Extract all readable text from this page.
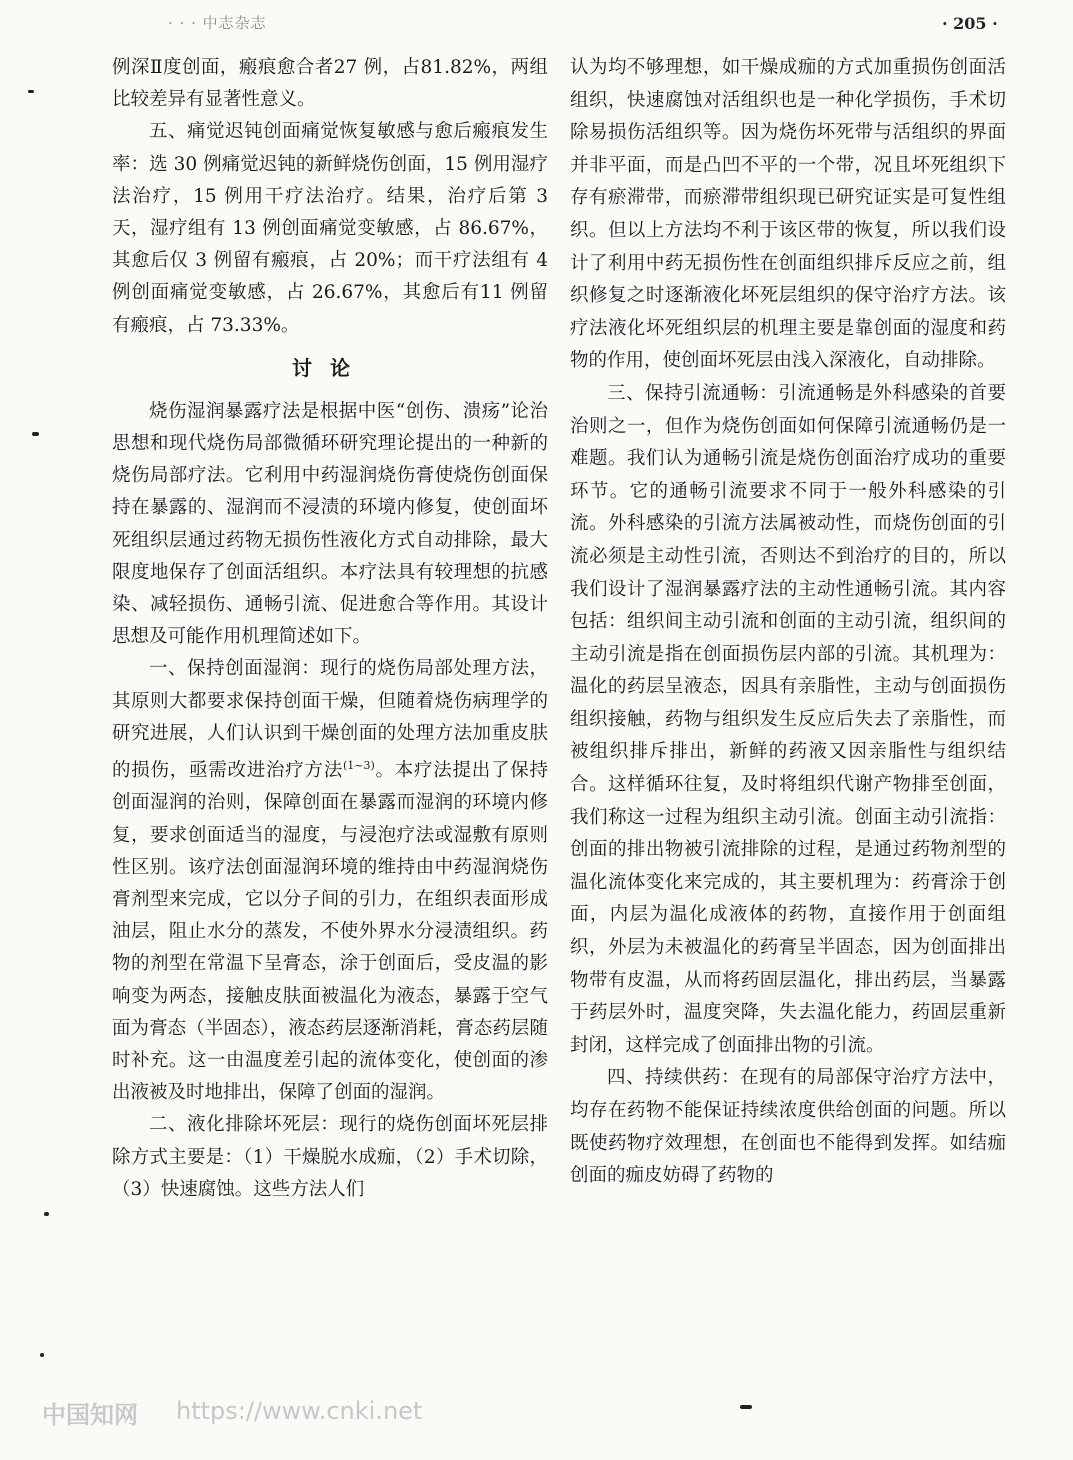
· · · 中志杂志	· 205 ·

例深Ⅱ度创面，瘢痕愈合者27 例，占81.82%，两组比较差异有显著性意义。

五、痛觉迟钝创面痛觉恢复敏感与愈后瘢痕发生率：选 30 例痛觉迟钝的新鲜烧伤创面，15 例用湿疗法治疗，15 例用干疗法治疗。结果，治疗后第 3 天，湿疗组有 13 例创面痛觉变敏感，占 86.67%，其愈后仅 3 例留有瘢痕，占 20%；而干疗法组有 4 例创面痛觉变敏感，占 26.67%，其愈后有11 例留有瘢痕，占 73.33%。

讨论

烧伤湿润暴露疗法是根据中医“创伤、溃疡”论治思想和现代烧伤局部微循环研究理论提出的一种新的烧伤局部疗法。它利用中药湿润烧伤膏使烧伤创面保持在暴露的、湿润而不浸渍的环境内修复，使创面坏死组织层通过药物无损伤性液化方式自动排除，最大限度地保存了创面活组织。本疗法具有较理想的抗感染、减轻损伤、通畅引流、促进愈合等作用。其设计思想及可能作用机理简述如下。

一、保持创面湿润：现行的烧伤局部处理方法，其原则大都要求保持创面干燥，但随着烧伤病理学的研究进展，人们认识到干燥创面的处理方法加重皮肤的损伤，亟需改进治疗方法$^{(1\sim 3)}$。本疗法提出了保持创面湿润的治则，保障创面在暴露而湿润的环境内修复，要求创面适当的湿度，与浸泡疗法或湿敷有原则性区别。该疗法创面湿润环境的维持由中药湿润烧伤膏剂型来完成，它以分子间的引力，在组织表面形成油层，阻止水分的蒸发，不使外界水分浸渍组织。药物的剂型在常温下呈膏态，涂于创面后，受皮温的影响变为两态，接触皮肤面被温化为液态，暴露于空气面为膏态（半固态），液态药层逐渐消耗，膏态药层随时补充。这一由温度差引起的流体变化，使创面的渗出液被及时地排出，保障了创面的湿润。

二、液化排除坏死层：现行的烧伤创面坏死层排除方式主要是：（1）干燥脱水成痂，（2）手术切除，（3）快速腐蚀。这些方法人们

认为均不够理想，如干燥成痂的方式加重损伤创面活组织，快速腐蚀对活组织也是一种化学损伤，手术切除易损伤活组织等。因为烧伤坏死带与活组织的界面并非平面，而是凸凹不平的一个带，况且坏死组织下存有瘀滞带，而瘀滞带组织现已研究证实是可复性组织。但以上方法均不利于该区带的恢复，所以我们设计了利用中药无损伤性在创面组织排斥反应之前，组织修复之时逐渐液化坏死层组织的保守治疗方法。该疗法液化坏死组织层的机理主要是靠创面的湿度和药物的作用，使创面坏死层由浅入深液化，自动排除。

三、保持引流通畅：引流通畅是外科感染的首要治则之一，但作为烧伤创面如何保障引流通畅仍是一难题。我们认为通畅引流是烧伤创面治疗成功的重要环节。它的通畅引流要求不同于一般外科感染的引流。外科感染的引流方法属被动性，而烧伤创面的引流必须是主动性引流，否则达不到治疗的目的，所以我们设计了湿润暴露疗法的主动性通畅引流。其内容包括：组织间主动引流和创面的主动引流，组织间的主动引流是指在创面损伤层内部的引流。其机理为：温化的药层呈液态，因具有亲脂性，主动与创面损伤组织接触，药物与组织发生反应后失去了亲脂性，而被组织排斥排出，新鲜的药液又因亲脂性与组织结合。这样循环往复，及时将组织代谢产物排至创面，我们称这一过程为组织主动引流。创面主动引流指：创面的排出物被引流排除的过程，是通过药物剂型的温化流体变化来完成的，其主要机理为：药膏涂于创面，内层为温化成液体的药物，直接作用于创面组织，外层为未被温化的药膏呈半固态，因为创面排出物带有皮温，从而将药固层温化，排出药层，当暴露于药层外时，温度突降，失去温化能力，药固层重新封闭，这样完成了创面排出物的引流。

四、持续供药：在现有的局部保守治疗方法中，均存在药物不能保证持续浓度供给创面的问题。所以既使药物疗效理想，在创面也不能得到发挥。如结痂创面的痂皮妨碍了药物的

中国知网 https://www.cnki.net
